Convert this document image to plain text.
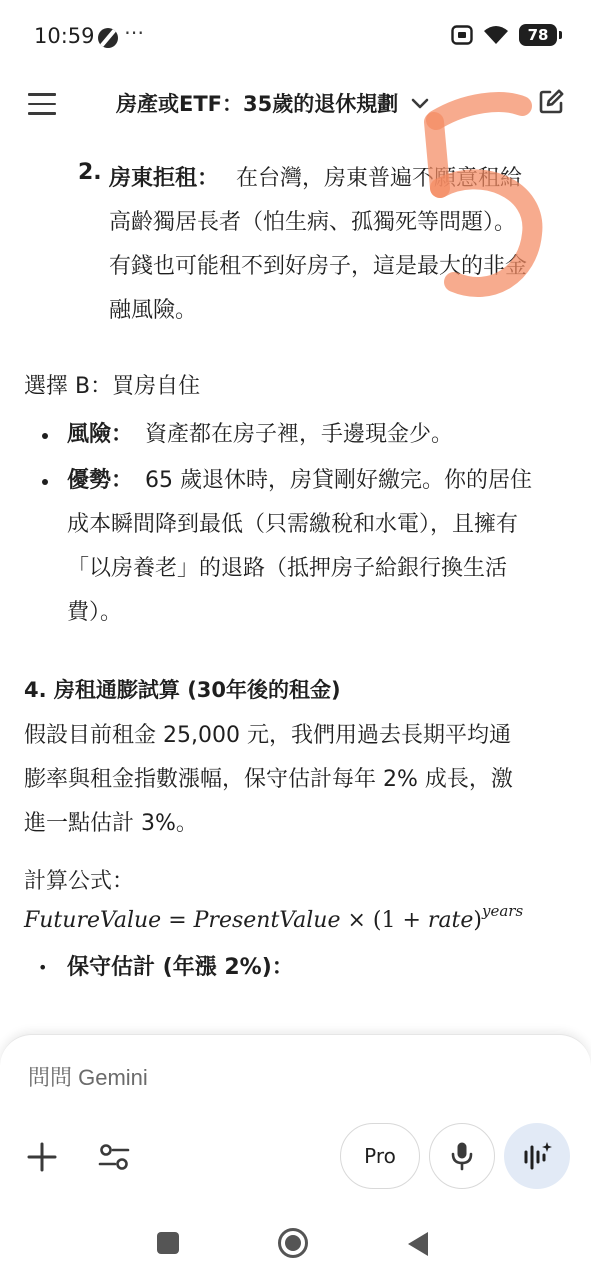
10:59 ⋯	78
房產或ETF：35歲的退休規劃
2. 房東拒租： 在台灣，房東普遍不願意租給
高齡獨居長者（怕生病、孤獨死等問題）。
有錢也可能租不到好房子，這是最大的非金
融風險。
選擇 B：買房自住
風險： 資產都在房子裡，手邊現金少。
優勢： 65 歲退休時，房貸剛好繳完。你的居住
成本瞬間降到最低（只需繳稅和水電），且擁有
「以房養老」的退路（抵押房子給銀行換生活
費）。
4. 房租通膨試算 (30年後的租金)
假設目前租金 25,000 元，我們用過去長期平均通
膨率與租金指數漲幅，保守估計每年 2% 成長，激
進一點估計 3%。
計算公式：
• 保守估計 (年漲 2%)：
FutureValue = PresentValue × (1 + rate)$^{years}$
問問 Gemini
Pro
